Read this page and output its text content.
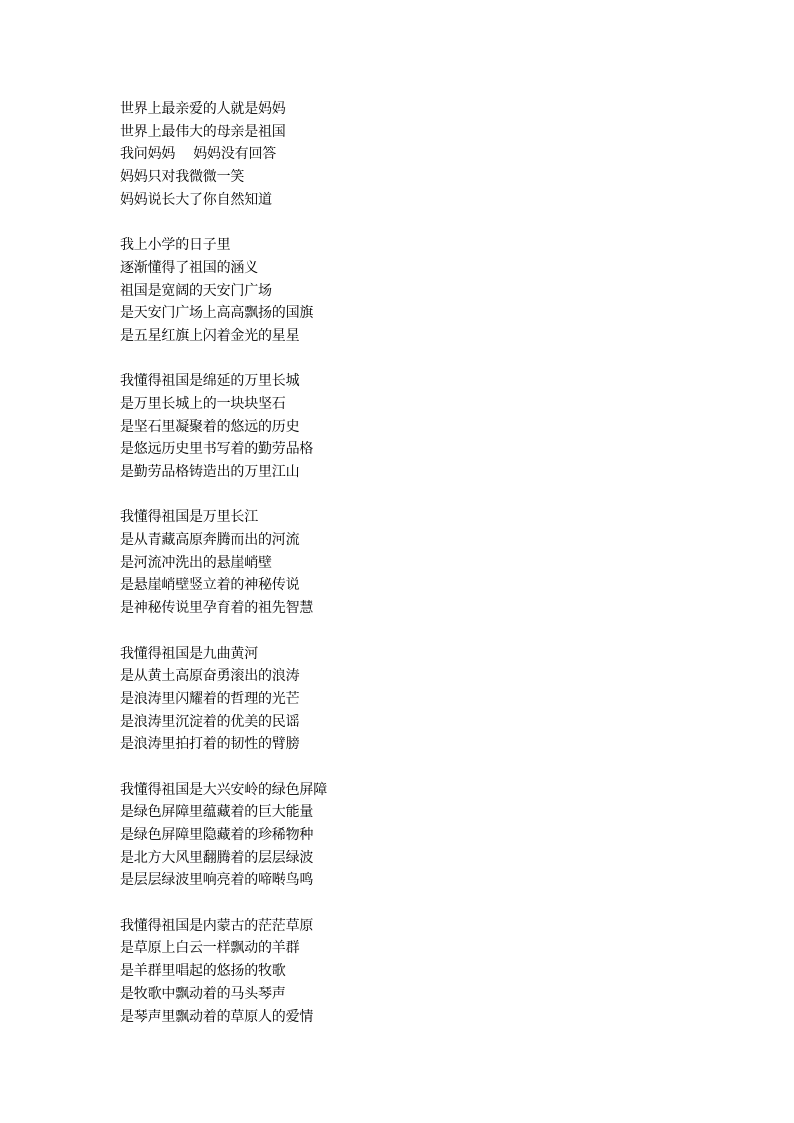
世界上最亲爱的人就是妈妈
世界上最伟大的母亲是祖国
我问妈妈　 妈妈没有回答
妈妈只对我微微一笑
妈妈说长大了你自然知道
我上小学的日子里
逐渐懂得了祖国的涵义
祖国是宽阔的天安门广场
是天安门广场上高高飘扬的国旗
是五星红旗上闪着金光的星星
我懂得祖国是绵延的万里长城
是万里长城上的一块块坚石
是坚石里凝聚着的悠远的历史
是悠远历史里书写着的勤劳品格
是勤劳品格铸造出的万里江山
我懂得祖国是万里长江
是从青藏高原奔腾而出的河流
是河流冲洗出的悬崖峭壁
是悬崖峭壁竖立着的神秘传说
是神秘传说里孕育着的祖先智慧
我懂得祖国是九曲黄河
是从黄土高原奋勇滚出的浪涛
是浪涛里闪耀着的哲理的光芒
是浪涛里沉淀着的优美的民谣
是浪涛里拍打着的韧性的臂膀
我懂得祖国是大兴安岭的绿色屏障
是绿色屏障里蕴藏着的巨大能量
是绿色屏障里隐藏着的珍稀物种
是北方大风里翻腾着的层层绿波
是层层绿波里响亮着的啼啭鸟鸣
我懂得祖国是内蒙古的茫茫草原
是草原上白云一样飘动的羊群
是羊群里唱起的悠扬的牧歌
是牧歌中飘动着的马头琴声
是琴声里飘动着的草原人的爱情
